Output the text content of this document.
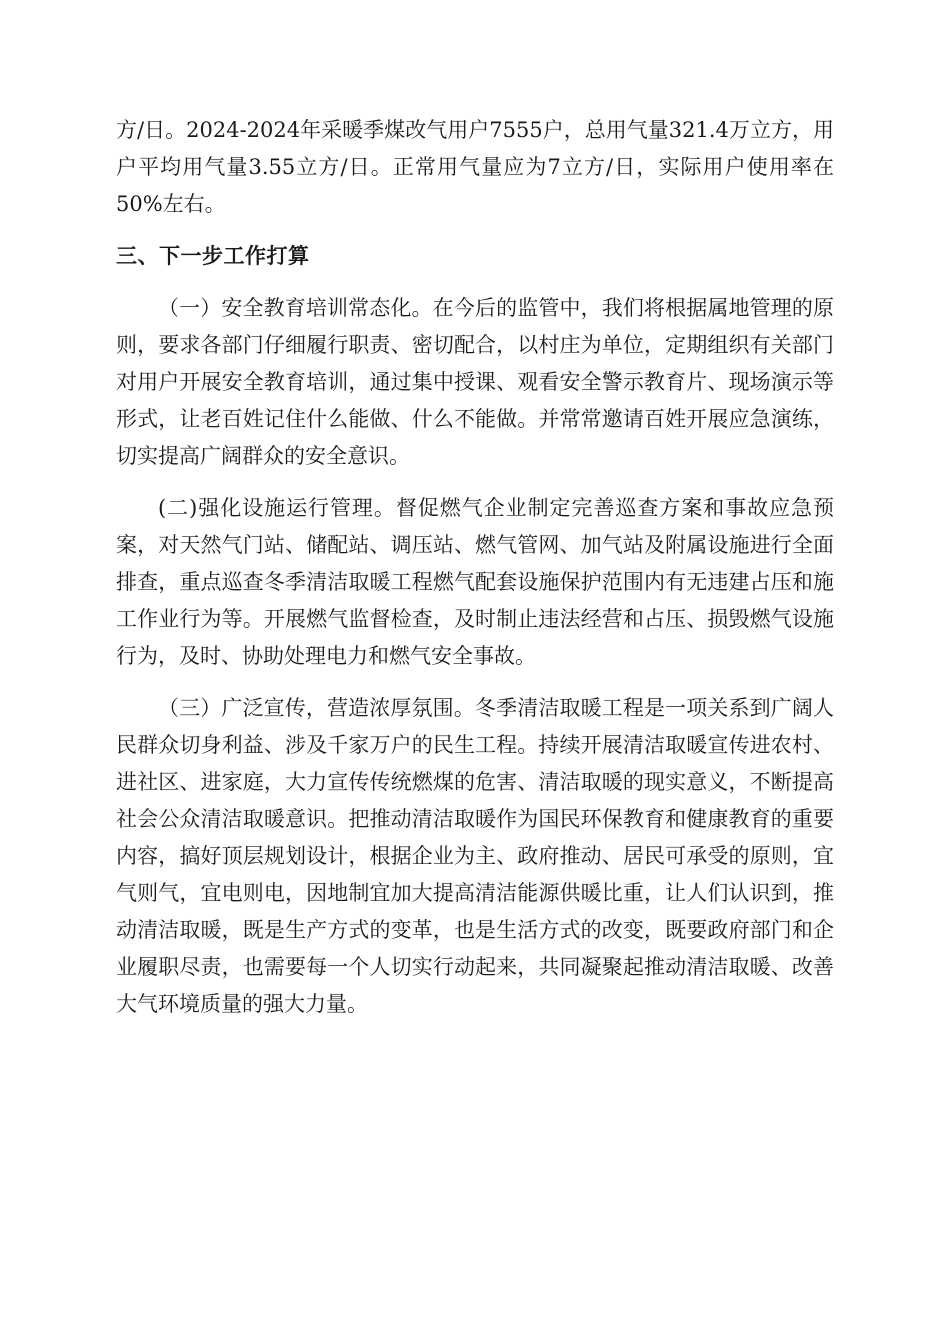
方/日。2024-2024年采暖季煤改气用户7555户，总用气量321.4万立方，用户平均用气量3.55立方/日。正常用气量应为7立方/日，实际用户使用率在50%左右。

三、下一步工作打算

（一）安全教育培训常态化。在今后的监管中，我们将根据属地管理的原则，要求各部门仔细履行职责、密切配合，以村庄为单位，定期组织有关部门对用户开展安全教育培训，通过集中授课、观看安全警示教育片、现场演示等形式，让老百姓记住什么能做、什么不能做。并常常邀请百姓开展应急演练，切实提高广阔群众的安全意识。

(二)强化设施运行管理。督促燃气企业制定完善巡查方案和事故应急预案，对天然气门站、储配站、调压站、燃气管网、加气站及附属设施进行全面排查，重点巡查冬季清洁取暖工程燃气配套设施保护范围内有无违建占压和施工作业行为等。开展燃气监督检查，及时制止违法经营和占压、损毁燃气设施行为，及时、协助处理电力和燃气安全事故。

（三）广泛宣传，营造浓厚氛围。冬季清洁取暖工程是一项关系到广阔人民群众切身利益、涉及千家万户的民生工程。持续开展清洁取暖宣传进农村、进社区、进家庭，大力宣传传统燃煤的危害、清洁取暖的现实意义，不断提高社会公众清洁取暖意识。把推动清洁取暖作为国民环保教育和健康教育的重要内容，搞好顶层规划设计，根据企业为主、政府推动、居民可承受的原则，宜气则气，宜电则电，因地制宜加大提高清洁能源供暖比重，让人们认识到，推动清洁取暖，既是生产方式的变革，也是生活方式的改变，既要政府部门和企业履职尽责，也需要每一个人切实行动起来，共同凝聚起推动清洁取暖、改善大气环境质量的强大力量。
